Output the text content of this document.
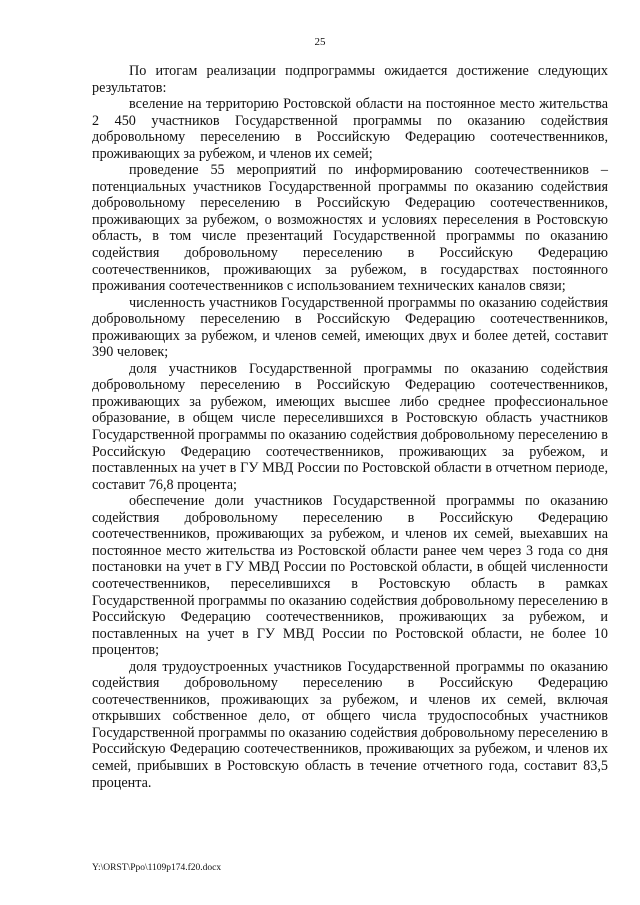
25

По итогам реализации подпрограммы ожидается достижение следующих результатов:

вселение на территорию Ростовской области на постоянное место жительства 2 450 участников Государственной программы по оказанию содействия добровольному переселению в Российскую Федерацию соотечественников, проживающих за рубежом, и членов их семей;

проведение 55 мероприятий по информированию соотечественников – потенциальных участников Государственной программы по оказанию содействия добровольному переселению в Российскую Федерацию соотечественников, проживающих за рубежом, о возможностях и условиях переселения в Ростовскую область, в том числе презентаций Государственной программы по оказанию содействия добровольному переселению в Российскую Федерацию соотечественников, проживающих за рубежом, в государствах постоянного проживания соотечественников с использованием технических каналов связи;

численность участников Государственной программы по оказанию содействия добровольному переселению в Российскую Федерацию соотечественников, проживающих за рубежом, и членов семей, имеющих двух и более детей, составит 390 человек;

доля участников Государственной программы по оказанию содействия добровольному переселению в Российскую Федерацию соотечественников, проживающих за рубежом, имеющих высшее либо среднее профессиональное образование, в общем числе переселившихся в Ростовскую область участников Государственной программы по оказанию содействия добровольному переселению в Российскую Федерацию соотечественников, проживающих за рубежом, и поставленных на учет в ГУ МВД России по Ростовской области в отчетном периоде, составит 76,8 процента;

обеспечение доли участников Государственной программы по оказанию содействия добровольному переселению в Российскую Федерацию соотечественников, проживающих за рубежом, и членов их семей, выехавших на постоянное место жительства из Ростовской области ранее чем через 3 года со дня постановки на учет в ГУ МВД России по Ростовской области, в общей численности соотечественников, переселившихся в Ростовскую область в рамках Государственной программы по оказанию содействия добровольному переселению в Российскую Федерацию соотечественников, проживающих за рубежом, и поставленных на учет в ГУ МВД России по Ростовской области, не более 10 процентов;

доля трудоустроенных участников Государственной программы по оказанию содействия добровольному переселению в Российскую Федерацию соотечественников, проживающих за рубежом, и членов их семей, включая открывших собственное дело, от общего числа трудоспособных участников Государственной программы по оказанию содействия добровольному переселению в Российскую Федерацию соотечественников, проживающих за рубежом, и членов их семей, прибывших в Ростовскую область в течение отчетного года, составит 83,5 процента.

Y:\ORST\Ppo\1109p174.f20.docx
